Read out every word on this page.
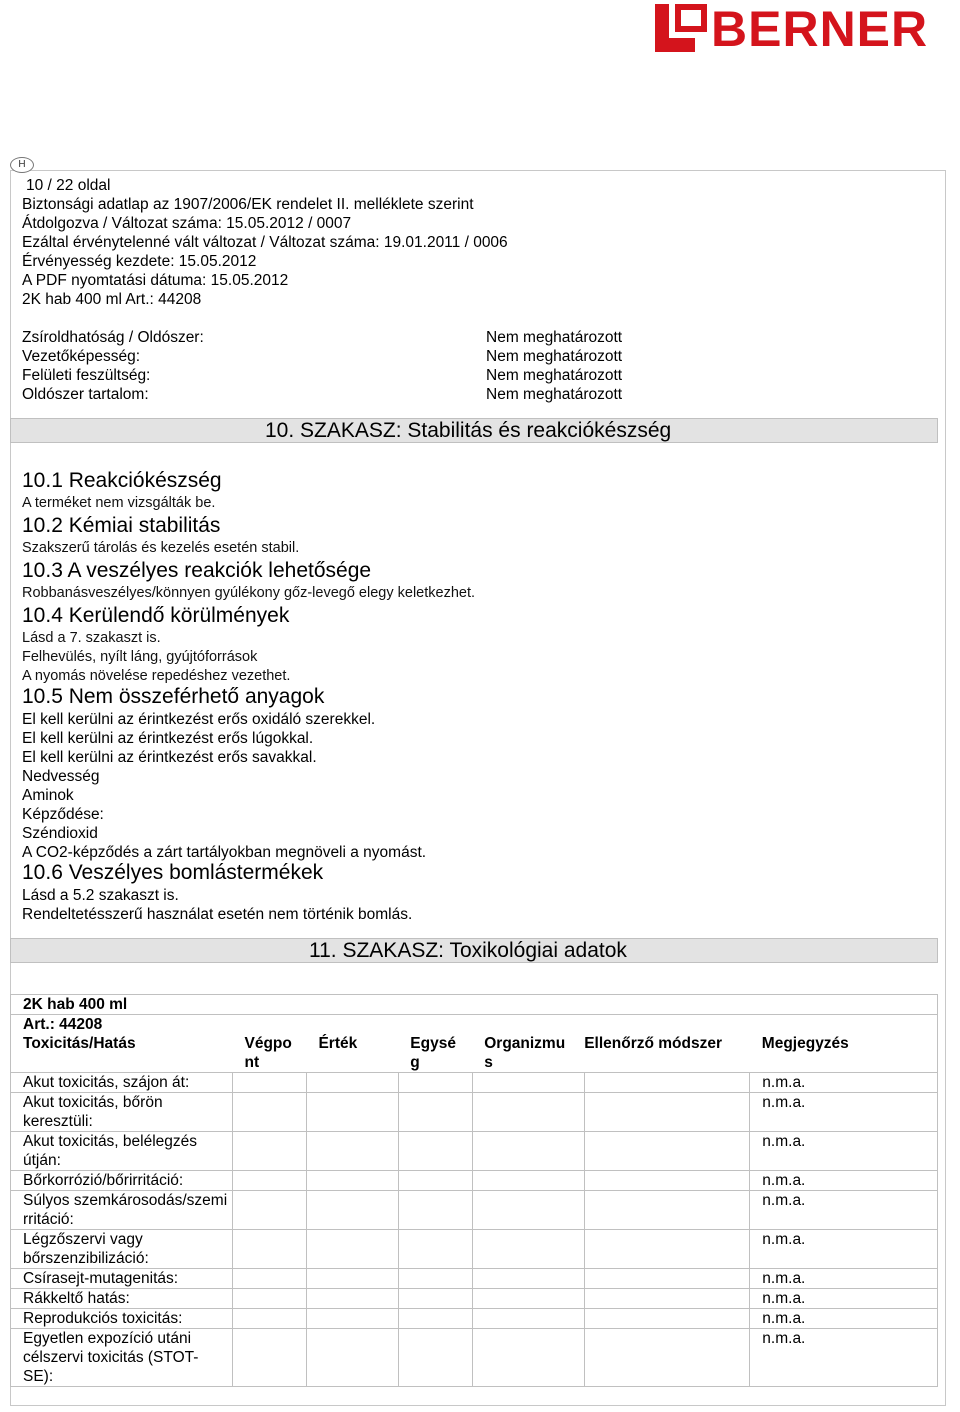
BERNER
H
10 / 22 oldal
Biztonsági adatlap az 1907/2006/EK rendelet II. melléklete szerint
Átdolgozva / Változat száma: 15.05.2012 / 0007
Ezáltal érvénytelenné vált változat / Változat száma: 19.01.2011 / 0006
Érvényesség kezdete: 15.05.2012
A PDF nyomtatási dátuma: 15.05.2012
2K hab 400 ml Art.: 44208
Zsíroldhatóság / Oldószer:	Nem meghatározott
Vezetőképesség:	Nem meghatározott
Felületi feszültség:	Nem meghatározott
Oldószer tartalom:	Nem meghatározott
10. SZAKASZ: Stabilitás és reakciókészség
10.1 Reakciókészség
A terméket nem vizsgálták be.
10.2 Kémiai stabilitás
Szakszerű tárolás és kezelés esetén stabil.
10.3 A veszélyes reakciók lehetősége
Robbanásveszélyes/könnyen gyúlékony gőz-levegő elegy keletkezhet.
10.4 Kerülendő körülmények
Lásd a 7. szakaszt is.
Felhevülés, nyílt láng, gyújtóforrások
A nyomás növelése repedéshez vezethet.
10.5 Nem összeférhető anyagok
El kell kerülni az érintkezést erős oxidáló szerekkel.
El kell kerülni az érintkezést erős lúgokkal.
El kell kerülni az érintkezést erős savakkal.
Nedvesség
Aminok
Képződése:
Széndioxid
A CO2-képződés a zárt tartályokban megnöveli a nyomást.
10.6 Veszélyes bomlástermékek
Lásd a 5.2 szakaszt is.
Rendeltetésszerű használat esetén nem történik bomlás.
11. SZAKASZ: Toxikológiai adatok
2K hab 400 ml						

Art.: 44208						

Toxicitás/Hatás	Végpo nt	Érték	Egysé g	Organizmu s	Ellenőrző módszer	Megjegyzés
Akut toxicitás, szájon át:						n.m.a.
Akut toxicitás, bőrön keresztüli:						n.m.a.
Akut toxicitás, belélegzés útján:						n.m.a.
Bőrkorrózió/bőrirritáció:						n.m.a.

Súlyos szemkárosodás/szemirritáció:						n.m.a.
Légzőszervi vagy bőrszenzibilizáció:						n.m.a.
Csírasejt-mutagenitás:						n.m.a.
Rákkeltő hatás:						n.m.a.
Reprodukciós toxicitás:						n.m.a.

Egyetlen expozíció utáni célszervi toxicitás (STOT-SE):						n.m.a.
